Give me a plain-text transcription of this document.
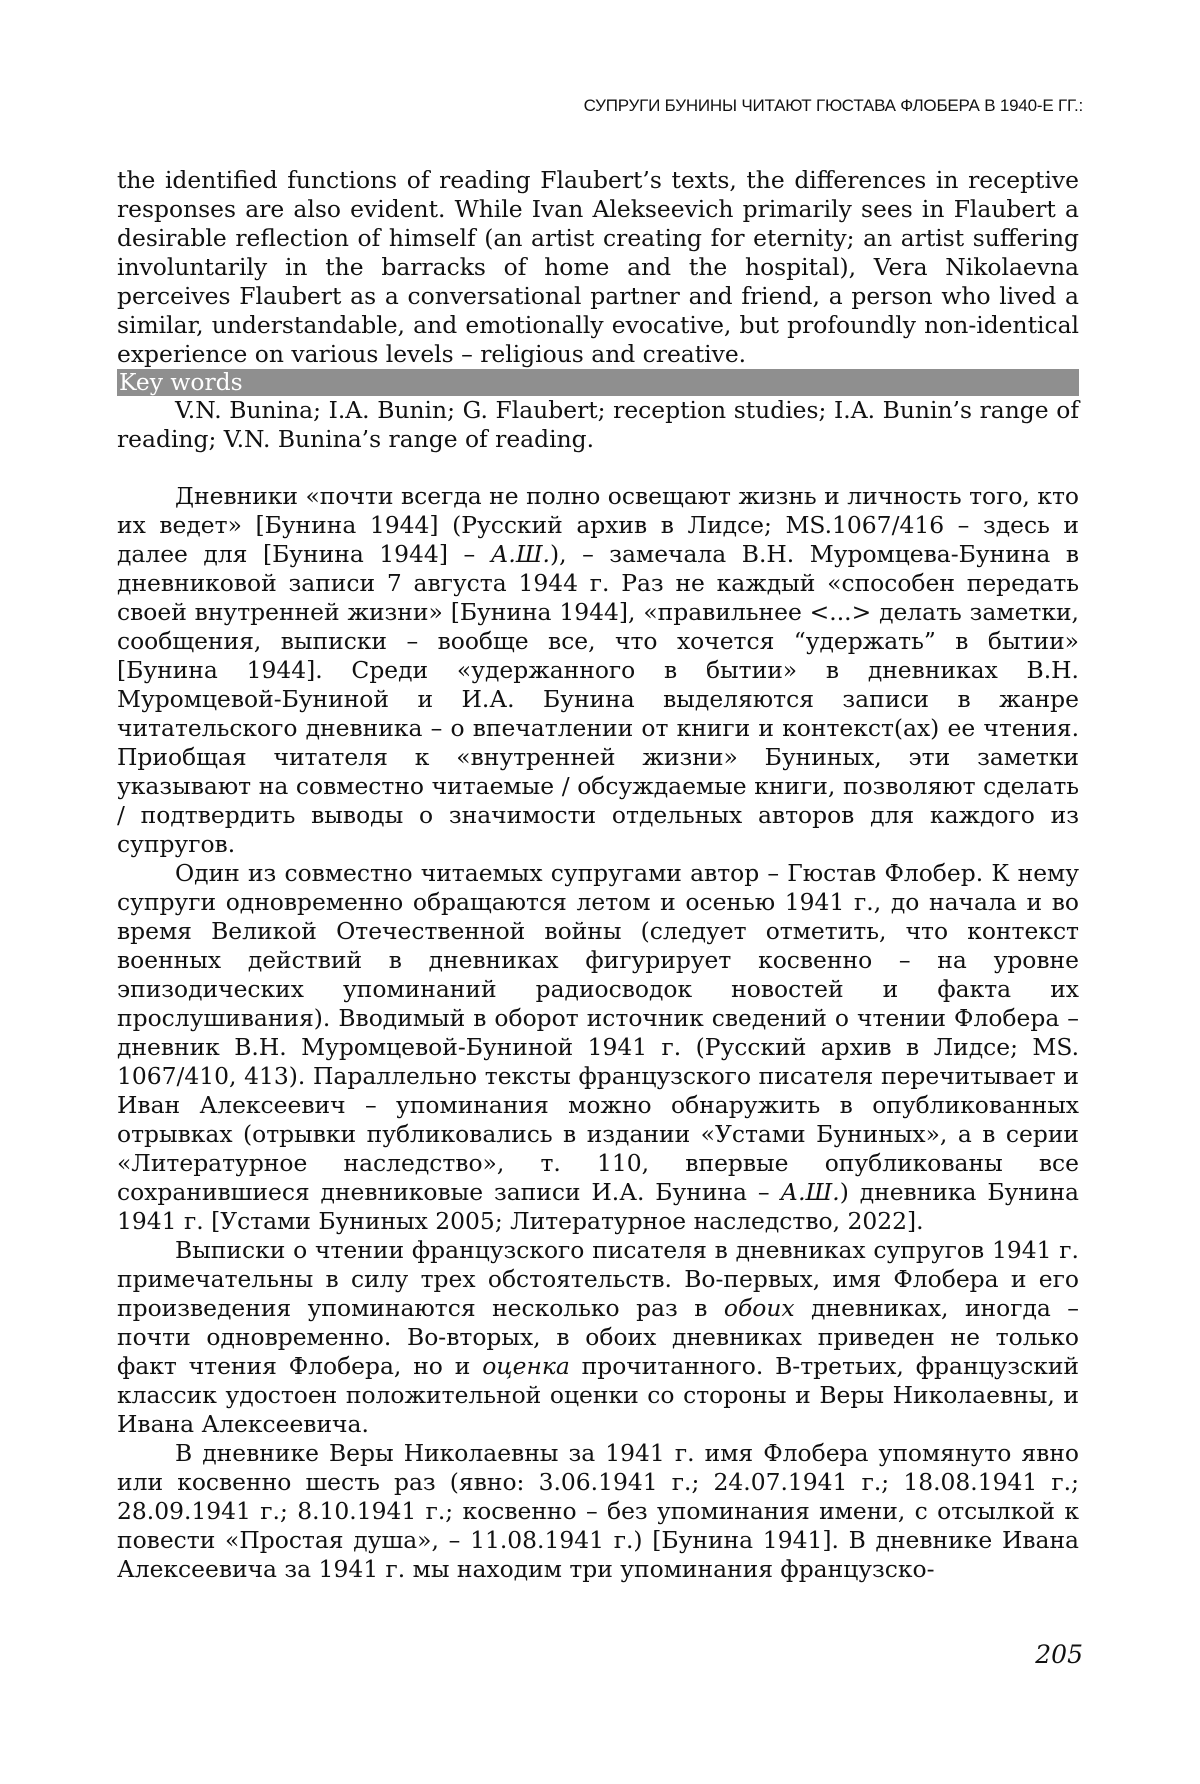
СУПРУГИ БУНИНЫ ЧИТАЮТ ГЮСТАВА ФЛОБЕРА В 1940-Е ГГ.:

the identified functions of reading Flaubert’s texts, the differences in receptive responses are also evident. While Ivan Alekseevich primarily sees in Flaubert a desirable reflection of himself (an artist creating for eternity; an artist suffering involuntarily in the barracks of home and the hospital), Vera Nikolaevna perceives Flaubert as a conversational partner and friend, a person who lived a similar, understandable, and emotionally evocative, but profoundly non-identical experience on various levels – religious and creative.

Key words

V.N. Bunina; I.A. Bunin; G. Flaubert; reception studies; I.A. Bunin’s range of reading; V.N. Bunina’s range of reading.

Дневники «почти всегда не полно освещают жизнь и личность того, кто их ведет» [Бунина 1944] (Русский архив в Лидсе; MS.1067/416 – здесь и далее для [Бунина 1944] – А.Ш.), – замечала В.Н. Муромцева-Бунина в дневниковой записи 7 августа 1944 г. Раз не каждый «способен передать своей внутренней жизни» [Бунина 1944], «правильнее <...> делать заметки, сообщения, выписки – вообще все, что хочется “удержать” в бытии» [Бунина 1944]. Среди «удержанного в бытии» в дневниках В.Н. Муромцевой-Буниной и И.А. Бунина выделяются записи в жанре читательского дневника – о впечатлении от книги и контекст(ах) ее чтения. Приобщая читателя к «внутренней жизни» Буниных, эти заметки указывают на совместно читаемые / обсуждаемые книги, позволяют сделать / подтвердить выводы о значимости отдельных авторов для каждого из супругов.

Один из совместно читаемых супругами автор – Гюстав Флобер. К нему супруги одновременно обращаются летом и осенью 1941 г., до начала и во время Великой Отечественной войны (следует отметить, что контекст военных действий в дневниках фигурирует косвенно – на уровне эпизодических упоминаний радиосводок новостей и факта их прослушивания). Вводимый в оборот источник сведений о чтении Флобера – дневник В.Н. Муромцевой-Буниной 1941 г. (Русский архив в Лидсе; MS. 1067/410, 413). Параллельно тексты французского писателя перечитывает и Иван Алексеевич – упоминания можно обнаружить в опубликованных отрывках (отрывки публиковались в издании «Устами Буниных», а в серии «Литературное наследство», т. 110, впервые опубликованы все сохранившиеся дневниковые записи И.А. Бунина – А.Ш.) дневника Бунина 1941 г. [Устами Буниных 2005; Литературное наследство, 2022].

Выписки о чтении французского писателя в дневниках супругов 1941 г. примечательны в силу трех обстоятельств. Во-первых, имя Флобера и его произведения упоминаются несколько раз в обоих дневниках, иногда – почти одновременно. Во-вторых, в обоих дневниках приведен не только факт чтения Флобера, но и оценка прочитанного. В-третьих, французский классик удостоен положительной оценки со стороны и Веры Николаевны, и Ивана Алексеевича.

В дневнике Веры Николаевны за 1941 г. имя Флобера упомянуто явно или косвенно шесть раз (явно: 3.06.1941 г.; 24.07.1941 г.; 18.08.1941 г.; 28.09.1941 г.; 8.10.1941 г.; косвенно – без упоминания имени, с отсылкой к повести «Простая душа», – 11.08.1941 г.) [Бунина 1941]. В дневнике Ивана Алексеевича за 1941 г. мы находим три упоминания французско-

205
